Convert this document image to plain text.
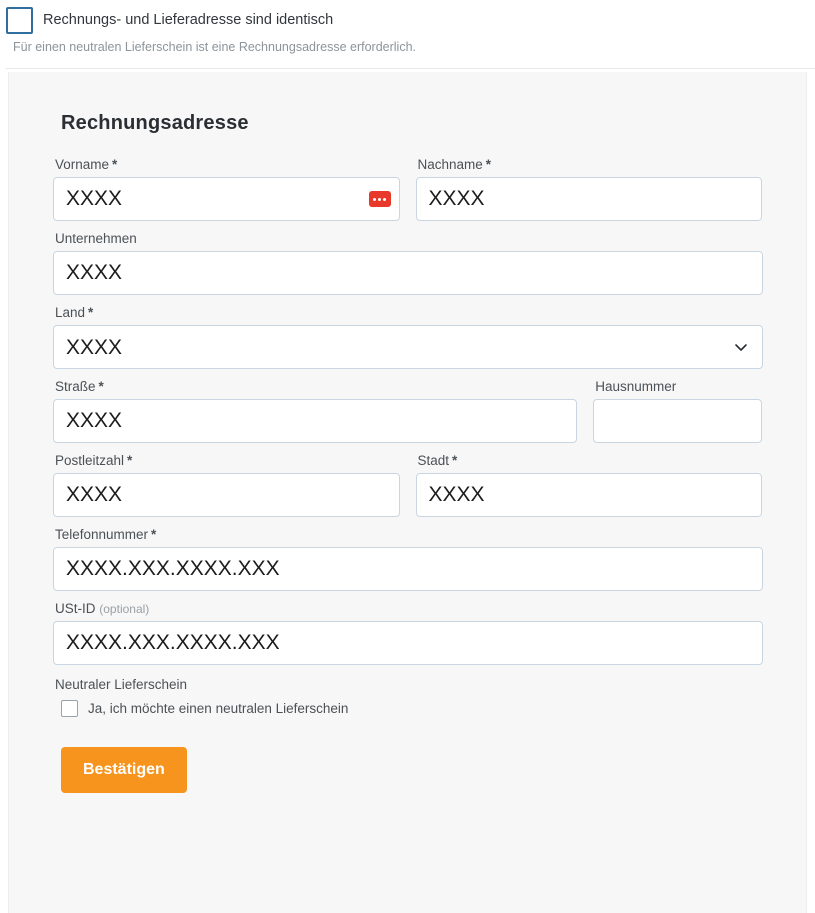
Rechnungs- und Lieferadresse sind identisch
Für einen neutralen Lieferschein ist eine Rechnungsadresse erforderlich.
Rechnungsadresse
Vorname *
XXXX	Nachname *
XXXX
Unternehmen
XXXX
Land *
XXXX
Straße *
XXXX	Hausnummer
Postleitzahl *
XXXX	Stadt *
XXXX
Telefonnummer *
XXXX.XXX.XXXX.XXX
USt-ID (optional)
XXXX.XXX.XXXX.XXX
Neutraler Lieferschein
Ja, ich möchte einen neutralen Lieferschein
Bestätigen
